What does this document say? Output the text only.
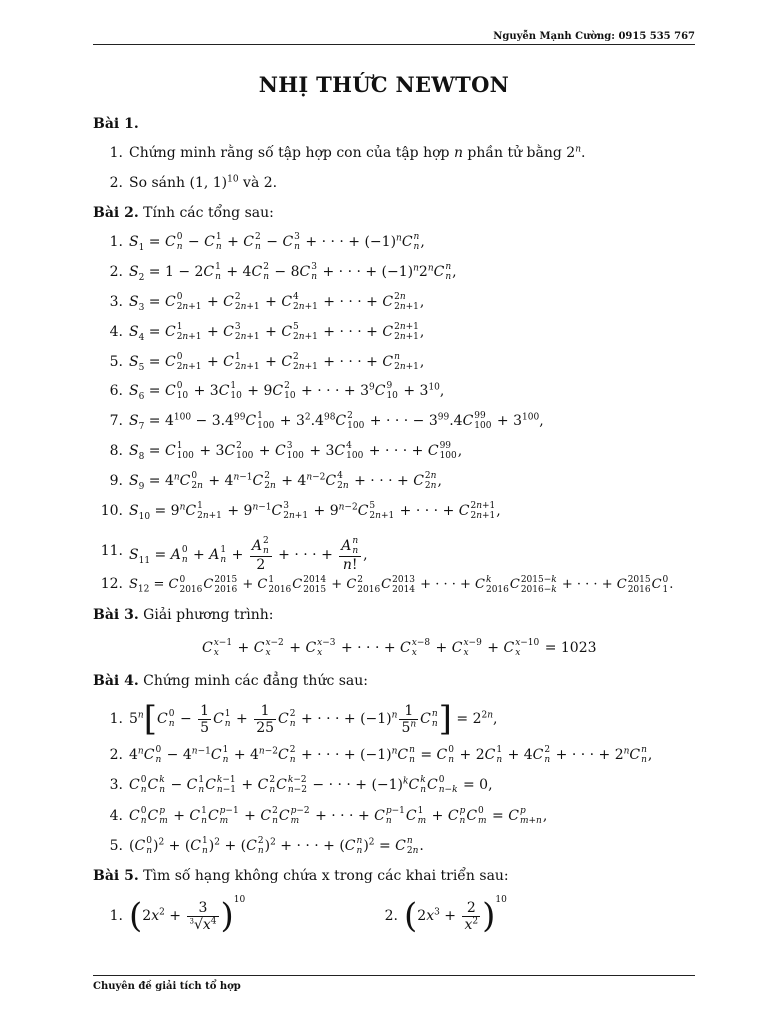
Nguyễn Mạnh Cường: 0915 535 767
NHỊ THỨC NEWTON
Bài 1.
1. Chứng minh rằng số tập hợp con của tập hợp n phần tử bằng 2$^n$.
2. So sánh (1, 1)$^{10}$ và 2.
Bài 2. Tính các tổng sau:
1. $S_1 = C$ 0
n − C 1
n + C 2
n − C 3
n + · · · + $(-1)^nC$ n
n ,
2. $S_2 = 1 - 2C$ 1
n + 4C 2
n − 8C 3
n + · · · + $(-1)^n2^nC$ n
n ,
3. $S_3 = C$ 0
2n+1 + C 2
2n+1 + C 4
2n+1 + · · · + C 2n
2n+1 ,
4. $S_4 = C$ 1
2n+1 + C 3
2n+1 + C 5
2n+1 + · · · + C 2n+1
2n+1 ,
5. $S_5 = C$ 0
2n+1 + C 1
2n+1 + C 2
2n+1 + · · · + C n
2n+1 ,
6. $S_6 = C$ 0
10 + 3C 1
10 + 9C 2
10 + · · · + $3^9C$ 9
$10 + 3^{10}$,
7. $S_7 = 4^{100} - 3.4^{99}C$ 1
$100 + 3^2.4^{98}C$ 2
100 + · · · − $3^{99}.4C$ 99
$100 + 3^{100}$,
8. $S_8 = C$ 1
100 + 3C 2
100 + C 3
100 + 3C 4
100 + · · · + C 99
100 ,
9. $S_9 = 4^nC$ 0
$2n + 4^{n-1}C$ 2
$2n + 4^{n-2}C$ 4
2n + · · · + C 2n
2n ,
10. $S_{10} = 9^nC$ 1
$2n+1 + 9^{n-1}C$ 3
$2n+1 + 9^{n-2}C$ 5
2n+1 + · · · + C 2n+1
2n+1 ,
11. $S_{11} = A$ 0
n + A 1
n + A 2
n
2 + · · · + A n
n
n! ,
12. $S_{12} = C$ 0
2016 C 2015
2016 + C 1
2016 C 2014
2015 + C 2
2016 C 2013
2014 + · · · + C k
2016 C 2015−k
2016−k + · · · + C 2015
2016 C 0
1 .
Bài 3. Giải phương trình:
C x−1
x	+ C x−2
x	+ C x−3
x	+ · · · + C x−8
x	+ C x−9
x	+ C x−10
x	= 1023
Bài 4. Chứng minh các đẳng thức sau:
1. 5$^n$[C 0
$n - \frac{1}{5}$ C 1
$n + \frac{1}{25}$ C 2
n + · · · + $(-1)^n \frac{1}{5^n}$ C n
n ] = $2^{2n}$,
2. 4$^n$C 0
$n - 4^{n-1}C$ 1
$n + 4^{n-2}C$ 2
n + · · · + $(-1)^nC$ n
n = C 0
n + 2C 1
n + 4C 2
n + · · · + $2^nC$ n
n ,
3. C 0
n C k
n − C 1
n C k−1
n−1 + C 2
n C k−2
n−2 − · · · + $(-1)^kC$ k
n C 0
n−k = 0,
4. C 0
n C p
m + C 1
n C p−1
m + C 2
n C p−2
m + · · · + C p−1
n	C 1
m + C p
n C 0
m = C p
m+n ,
5. (C 0
n )$^2$ + (C 1
n )$^2$ + (C 2
n )$^2$ + · · · + (C n
n )$^2$ = C n
2n .
Bài 5. Tìm số hạng không chứa x trong các khai triển sau:
1. $(2x^2 + \frac{3}{^3√x^4} )^{10}$
2. $(2x^3 + \frac{2}{x^2} )^{10}$
Chuyên đề giải tích tổ hợp
